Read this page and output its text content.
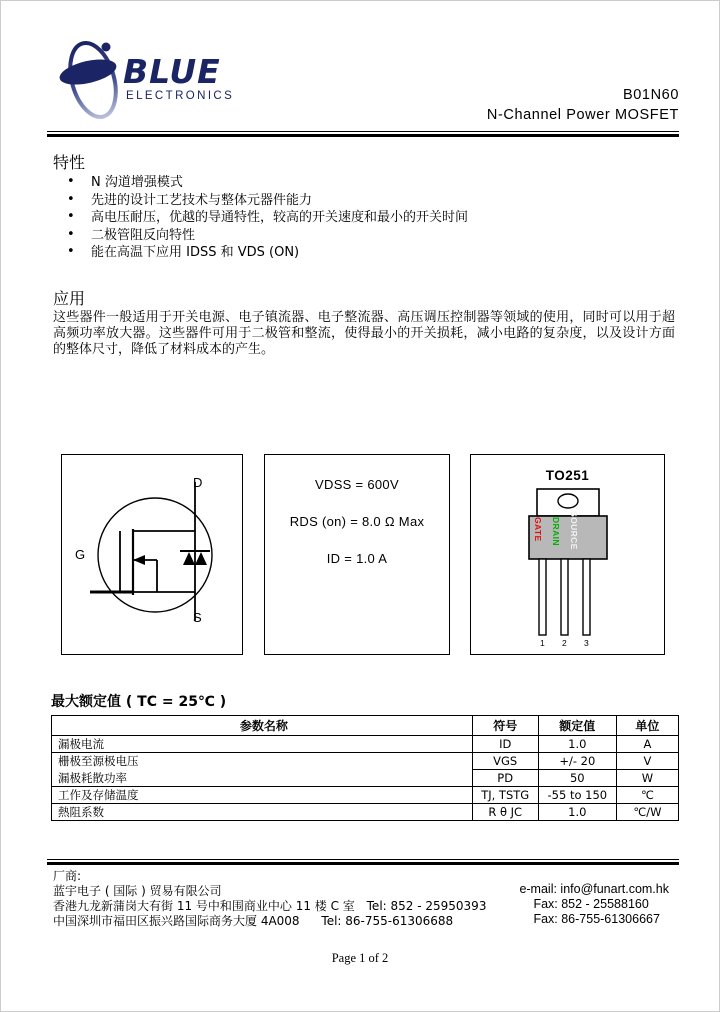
BLUE
ELECTRONICS	B01N60
N-Channel Power MOSFET
特性
• N 沟道增强模式
• 先进的设计工艺技术与整体元器件能力
• 高电压耐压，优越的导通特性，较高的开关速度和最小的开关时间
• 二极管阻反向特性
• 能在高温下应用 IDSS 和 VDS (ON)
应用
这些器件一般适用于开关电源、电子镇流器、电子整流器、高压调压控制器等领域的使用，同时可以用于超高频功率放大器。这些器件可用于二极管和整流，使得最小的开关损耗，减小电路的复杂度，以及设计方面的整体尺寸，降低了材料成本的产生。
D
G
S
VDSS = 600V
RDS (on) = 8.0 Ω Max
ID = 1.0 A
TO251
GATE DRAIN SOURCE
1 2 3
最大额定值 ( TC = 25℃ )
参数名称	符号	额定值	单位
漏极电流	ID	1.0	A
栅极至源极电压	VGS	+/- 20	V
漏极耗散功率	PD	50	W
工作及存储温度	TJ, TSTG	-55 to 150	℃
熱阻系数	R θ JC	1.0	℃/W
厂商:
蓝宇电子 ( 国际 ) 贸易有限公司
香港九龙新蒲岗大有街 11 号中和围商业中心 11 楼 C 室 Tel: 852 - 25950393
中国深圳市福田区振兴路国际商务大厦 4A008 Tel: 86-755-61306688
e-mail: info@funart.com.hk
Fax: 852 - 25588160
Fax: 86-755-61306667
Page 1 of 2
